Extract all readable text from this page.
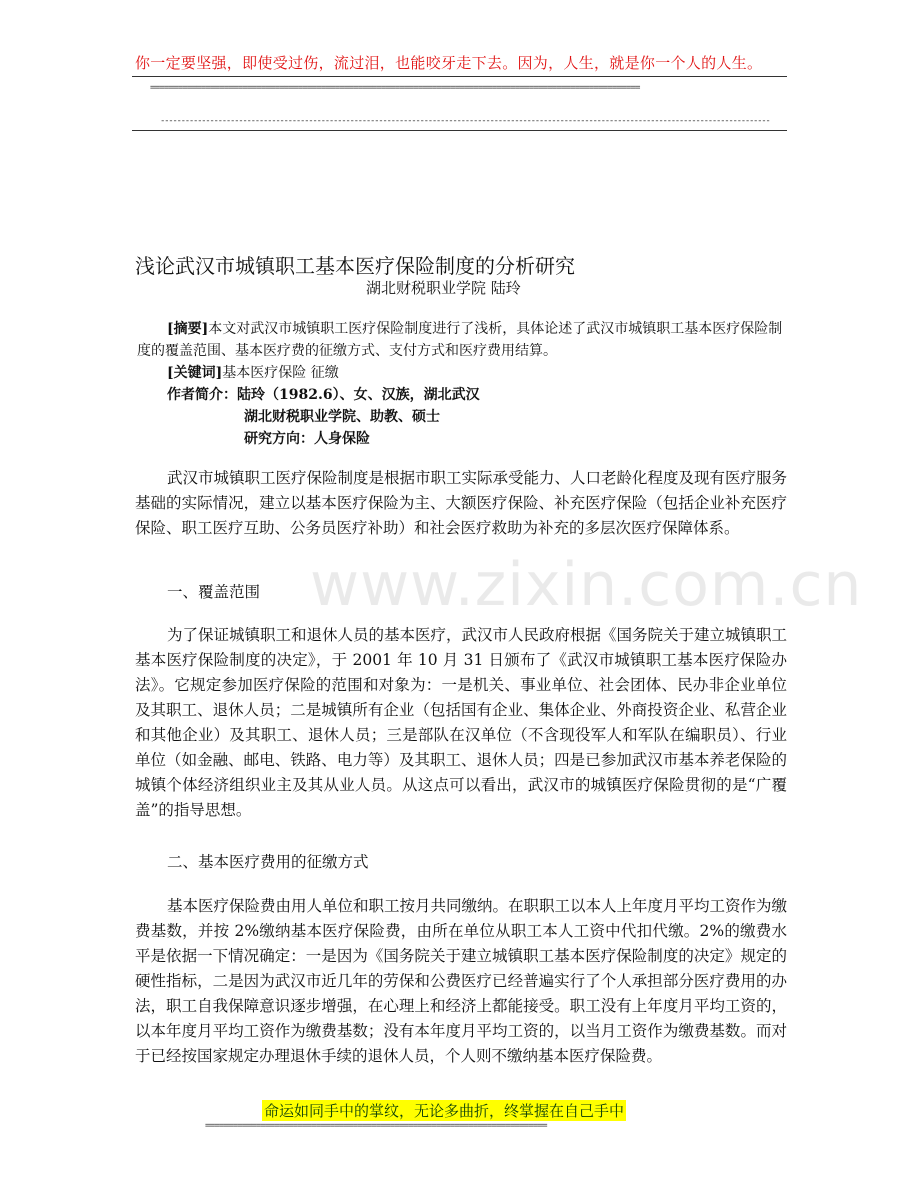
你一定要坚强，即使受过伤，流过泪，也能咬牙走下去。因为，人生，就是你一个人的人生。
==========================================================================================================
----------------------------------------------------------------------------------------------------------------------------------------------------
浅论武汉市城镇职工基本医疗保险制度的分析研究
湖北财税职业学院 陆玲
[摘要]本文对武汉市城镇职工医疗保险制度进行了浅析，具体论述了武汉市城镇职工基本医疗保险制度的覆盖范围、基本医疗费的征缴方式、支付方式和医疗费用结算。
[关键词]基本医疗保险 征缴
作者简介：陆玲（1982.6）、女、汉族，湖北武汉
湖北财税职业学院、助教、硕士
研究方向：人身保险
武汉市城镇职工医疗保险制度是根据市职工实际承受能力、人口老龄化程度及现有医疗服务基础的实际情况，建立以基本医疗保险为主、大额医疗保险、补充医疗保险（包括企业补充医疗保险、职工医疗互助、公务员医疗补助）和社会医疗救助为补充的多层次医疗保障体系。
一、覆盖范围
为了保证城镇职工和退休人员的基本医疗，武汉市人民政府根据《国务院关于建立城镇职工基本医疗保险制度的决定》，于 2001 年 10 月 31 日颁布了《武汉市城镇职工基本医疗保险办法》。它规定参加医疗保险的范围和对象为：一是机关、事业单位、社会团体、民办非企业单位及其职工、退休人员；二是城镇所有企业（包括国有企业、集体企业、外商投资企业、私营企业和其他企业）及其职工、退休人员；三是部队在汉单位（不含现役军人和军队在编职员）、行业单位（如金融、邮电、铁路、电力等）及其职工、退休人员；四是已参加武汉市基本养老保险的城镇个体经济组织业主及其从业人员。从这点可以看出，武汉市的城镇医疗保险贯彻的是“广覆盖”的指导思想。
二、基本医疗费用的征缴方式
基本医疗保险费由用人单位和职工按月共同缴纳。在职职工以本人上年度月平均工资作为缴费基数，并按 2%缴纳基本医疗保险费，由所在单位从职工本人工资中代扣代缴。2%的缴费水平是依据一下情况确定：一是因为《国务院关于建立城镇职工基本医疗保险制度的决定》规定的硬性指标，二是因为武汉市近几年的劳保和公费医疗已经普遍实行了个人承担部分医疗费用的办法，职工自我保障意识逐步增强，在心理上和经济上都能接受。职工没有上年度月平均工资的，以本年度月平均工资作为缴费基数；没有本年度月平均工资的，以当月工资作为缴费基数。而对于已经按国家规定办理退休手续的退休人员，个人则不缴纳基本医疗保险费。
www.zixin.com.cn
命运如同手中的掌纹，无论多曲折，终掌握在自己手中
==========================================================================
